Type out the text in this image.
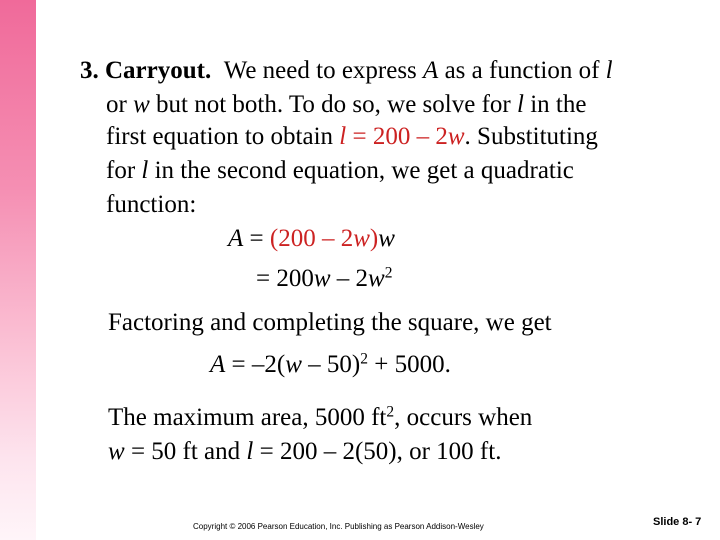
3. Carryout. We need to express A as a function of l
or w but not both. To do so, we solve for l in the
first equation to obtain l = 200 – 2w. Substituting
for l in the second equation, we get a quadratic
function:
A = (200 – 2w)w
= $200w - 2w^2$
Factoring and completing the square, we get
A = –2(w – 50)$^2$ + 5000.
The maximum area, 5000 $ft^2$, occurs when
w = 50 ft and l = 200 – 2(50), or 100 ft.
Copyright © 2006 Pearson Education, Inc. Publishing as Pearson Addison-Wesley	Slide 8- 7
